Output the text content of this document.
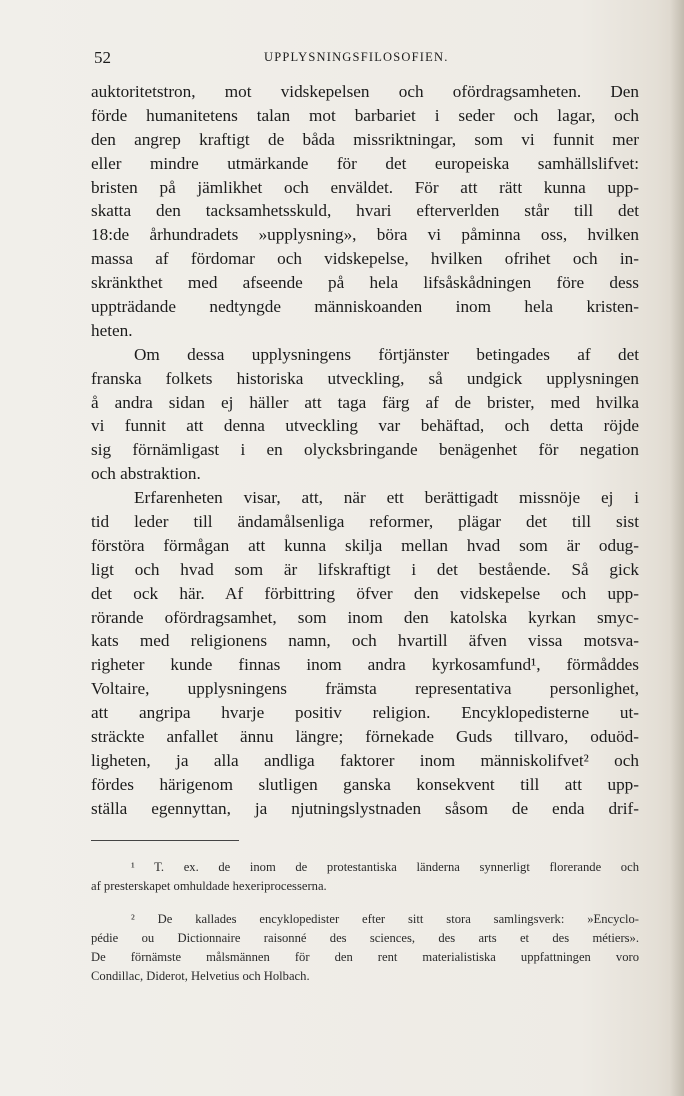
52	UPPLYSNINGSFILOSOFIEN.
auktoritetstron, mot vidskepelsen och ofördragsamheten. Den
förde humanitetens talan mot barbariet i seder och lagar, och
den angrep kraftigt de båda missriktningar, som vi funnit mer
eller mindre utmärkande för det europeiska samhällslifvet:
bristen på jämlikhet och enväldet. För att rätt kunna upp-
skatta den tacksamhetsskuld, hvari efterverlden står till det
18:de århundradets »upplysning», böra vi påminna oss, hvilken
massa af fördomar och vidskepelse, hvilken ofrihet och in-
skränkthet med afseende på hela lifsåskådningen före dess
uppträdande nedtyngde människoanden inom hela kristen-
heten.
Om dessa upplysningens förtjänster betingades af det
franska folkets historiska utveckling, så undgick upplysningen
å andra sidan ej häller att taga färg af de brister, med hvilka
vi funnit att denna utveckling var behäftad, och detta röjde
sig förnämligast i en olycksbringande benägenhet för negation
och abstraktion.
Erfarenheten visar, att, när ett berättigadt missnöje ej i
tid leder till ändamålsenliga reformer, plägar det till sist
förstöra förmågan att kunna skilja mellan hvad som är odug-
ligt och hvad som är lifskraftigt i det bestående. Så gick
det ock här. Af förbittring öfver den vidskepelse och upp-
rörande ofördragsamhet, som inom den katolska kyrkan smyc-
kats med religionens namn, och hvartill äfven vissa motsva-
righeter kunde finnas inom andra kyrkosamfund¹, förmåddes
Voltaire, upplysningens främsta representativa personlighet,
att angripa hvarje positiv religion. Encyklopedisterne ut-
sträckte anfallet ännu längre; förnekade Guds tillvaro, oduöd-
ligheten, ja alla andliga faktorer inom människolifvet² och
fördes härigenom slutligen ganska konsekvent till att upp-
ställa egennyttan, ja njutningslystnaden såsom de enda drif-
¹ T. ex. de inom de protestantiska länderna synnerligt florerande och
af presterskapet omhuldade hexeriprocesserna.
² De kallades encyklopedister efter sitt stora samlingsverk: »Encyclo-
pédie ou Dictionnaire raisonné des sciences, des arts et des métiers».
De förnämste målsmännen för den rent materialistiska uppfattningen voro
Condillac, Diderot, Helvetius och Holbach.
